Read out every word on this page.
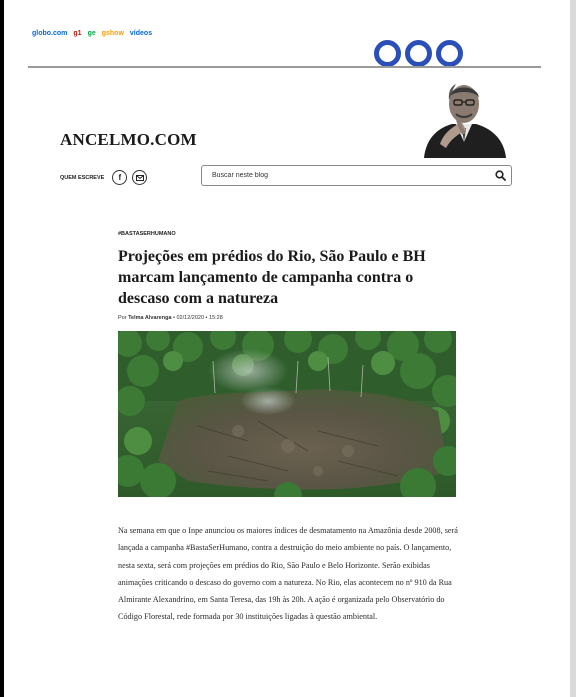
globo.com g1 ge gshow vídeos
ANCELMO.COM
QUEM ESCREVE	f
Buscar neste blog
#BASTASERHUMANO
Projeções em prédios do Rio, São Paulo e BH marcam lançamento de campanha contra o descaso com a natureza
Por Telma Alvarenga • 02/12/2020 • 15:28

Na semana em que o Inpe anunciou os maiores índices de desmatamento na Amazônia desde 2008, será lançada a campanha #BastaSerHumano, contra a destruição do meio ambiente no país. O lançamento, nesta sexta, será com projeções em prédios do Rio, São Paulo e Belo Horizonte. Serão exibidas animações criticando o descaso do governo com a natureza. No Rio, elas acontecem no nº 910 da Rua Almirante Alexandrino, em Santa Teresa, das 19h às 20h. A ação é organizada pelo Observatório do Código Florestal, rede formada por 30 instituições ligadas à questão ambiental.
